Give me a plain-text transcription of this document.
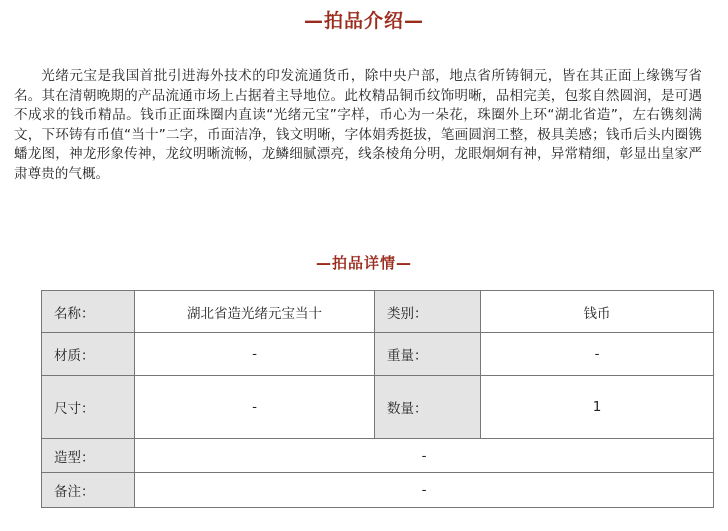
—拍品介绍—

光绪元宝是我国首批引进海外技术的印发流通货币，除中央户部，地点省所铸铜元，皆在其正面上缘镌写省名。其在清朝晚期的产品流通市场上占据着主导地位。此枚精品铜币纹饰明晰，品相完美，包浆自然圆润，是可遇不成求的钱币精品。钱币正面珠圈内直读“光绪元宝”字样，币心为一朵花，珠圈外上环“湖北省造”，左右镌刻满文，下环铸有币值“当十”二字，币面洁净，钱文明晰，字体娟秀挺拔，笔画圆润工整，极具美感；钱币后头内圈镌蟠龙图，神龙形象传神，龙纹明晰流畅，龙鳞细腻漂亮，线条棱角分明，龙眼炯炯有神，异常精细，彰显出皇家严肃尊贵的气概。

—拍品详情—
名称：	湖北省造光绪元宝当十	类别：	钱币
材质：	-	重量：	-
尺寸：	-	数量：	1
造型：	-		
备注：	-		
